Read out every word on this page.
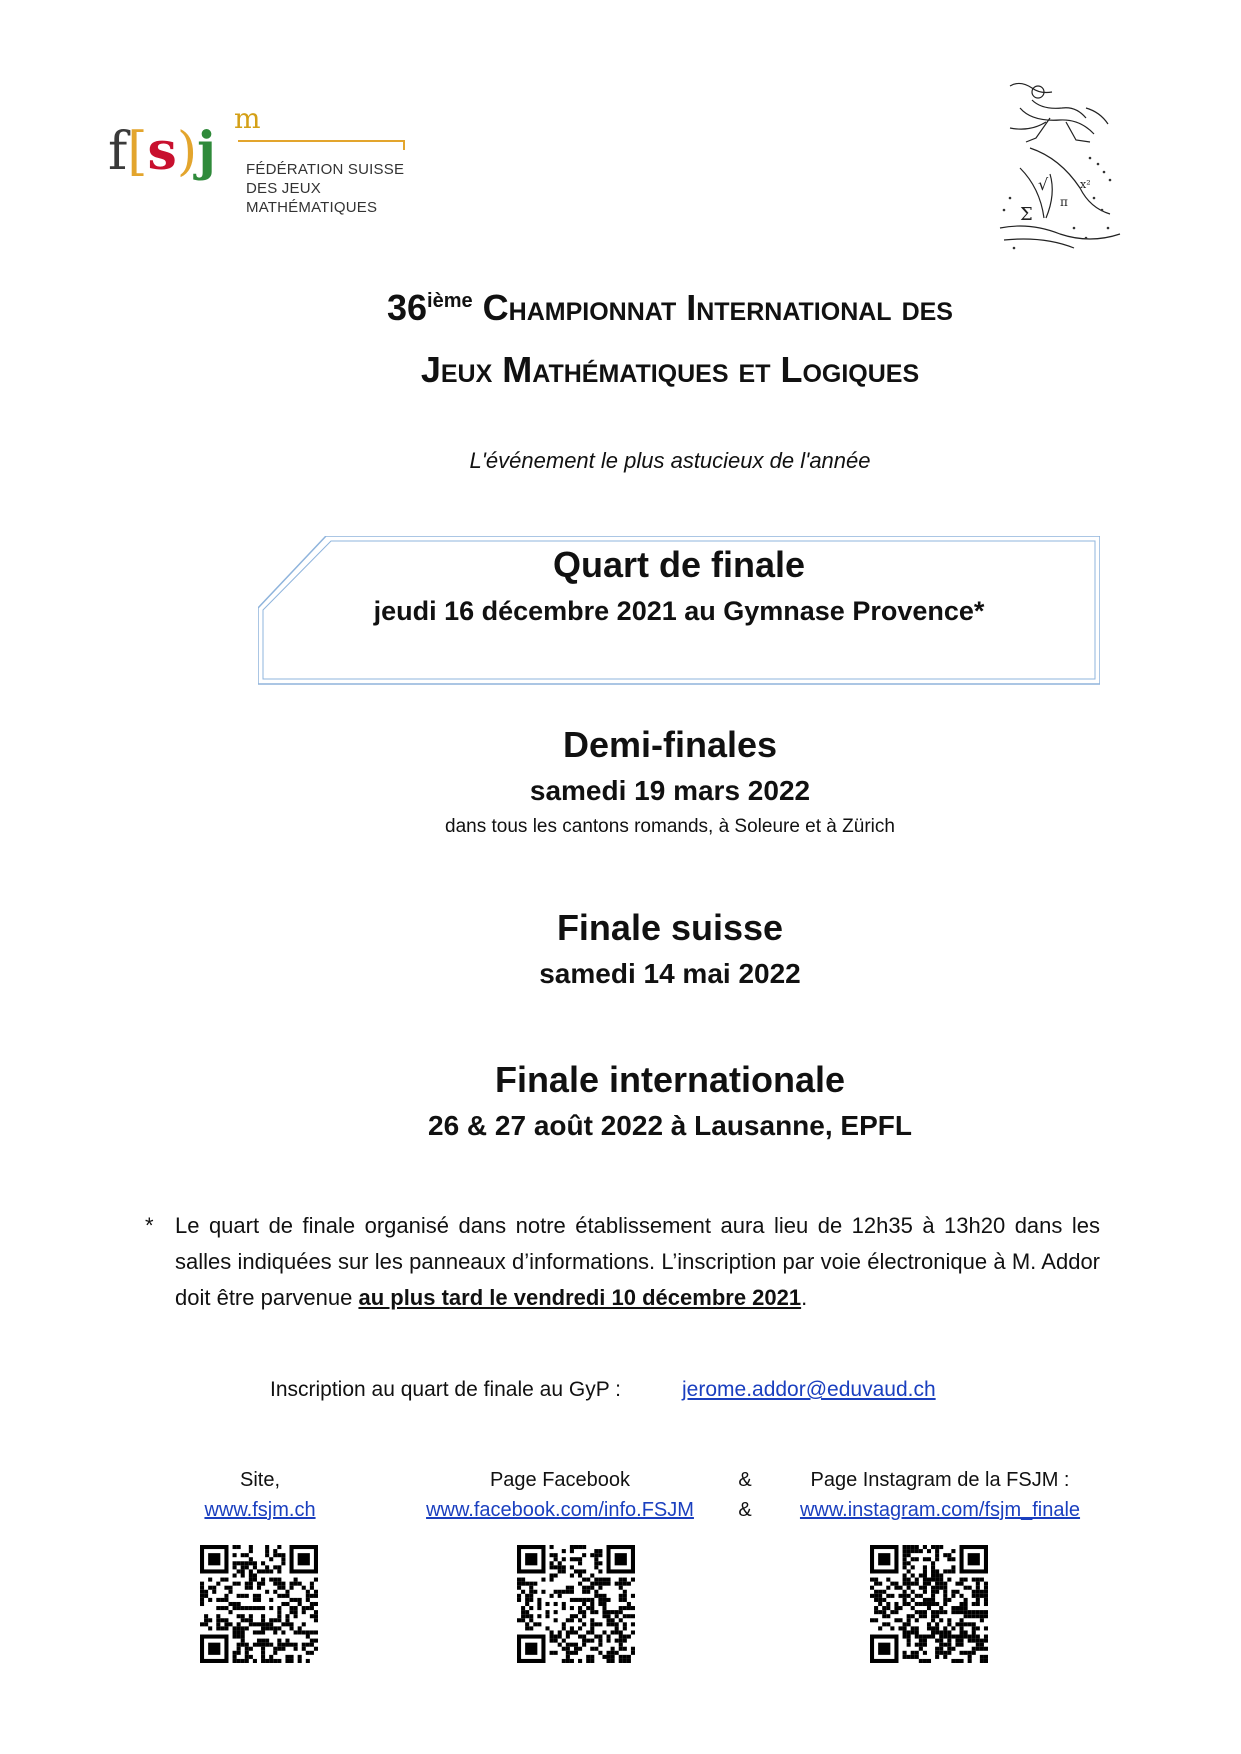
f[s)j
m
FÉDÉRATION SUISSE
DES JEUX MATHÉMATIQUES
√
Σ
π
x²
36ième Championnat International des
Jeux Mathématiques et Logiques
L'événement le plus astucieux de l'année
Quart de finale
jeudi 16 décembre 2021 au Gymnase Provence*
Demi-finales
samedi 19 mars 2022
dans tous les cantons romands, à Soleure et à Zürich
Finale suisse
samedi 14 mai 2022
Finale internationale
26 & 27 août 2022 à Lausanne, EPFL
* Le quart de finale organisé dans notre établissement aura lieu de 12h35 à 13h20 dans les salles indiquées sur les panneaux d’informations. L’inscription par voie électronique à M. Addor doit être parvenue au plus tard le vendredi 10 décembre 2021.
Inscription au quart de finale au GyP :	jerome.addor@eduvaud.ch
Site,
www.fsjm.ch
Page Facebook
www.facebook.com/info.FSJM
&
&
Page Instagram de la FSJM :
www.instagram.com/fsjm_finale
